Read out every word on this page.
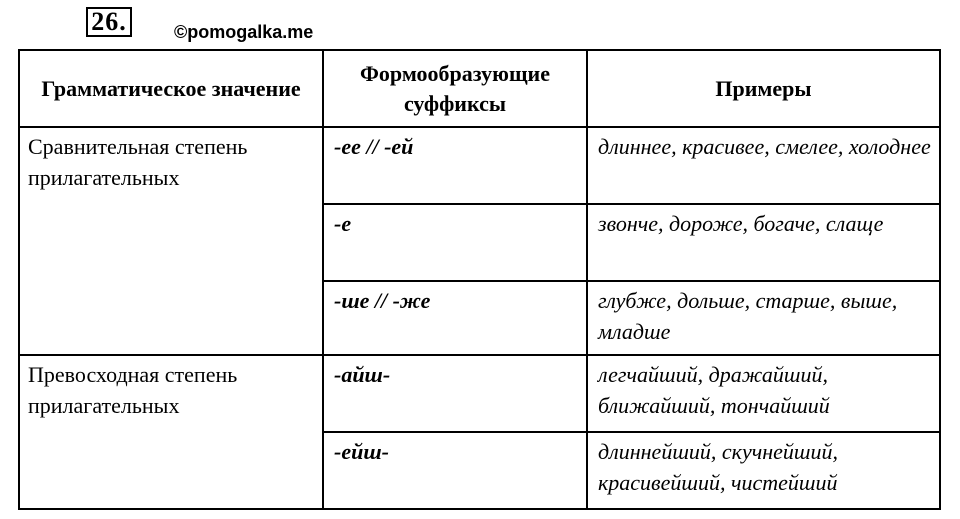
26.	©pomogalka.me
Грамматическое значение	Формообразующие суффиксы	Примеры
Сравнительная степень прилагательных	-ее // -ей	длиннее, красивее, смелее, холоднее
	-е	звонче, дороже, богаче, слаще
	-ше // -же	глубже, дольше, старше, выше, младше
Превосходная степень прилагательных	-айш-	легчайший, дражайший, ближайший, тончайший
	-ейш-	длиннейший, скучнейший, красивейший, чистейший
